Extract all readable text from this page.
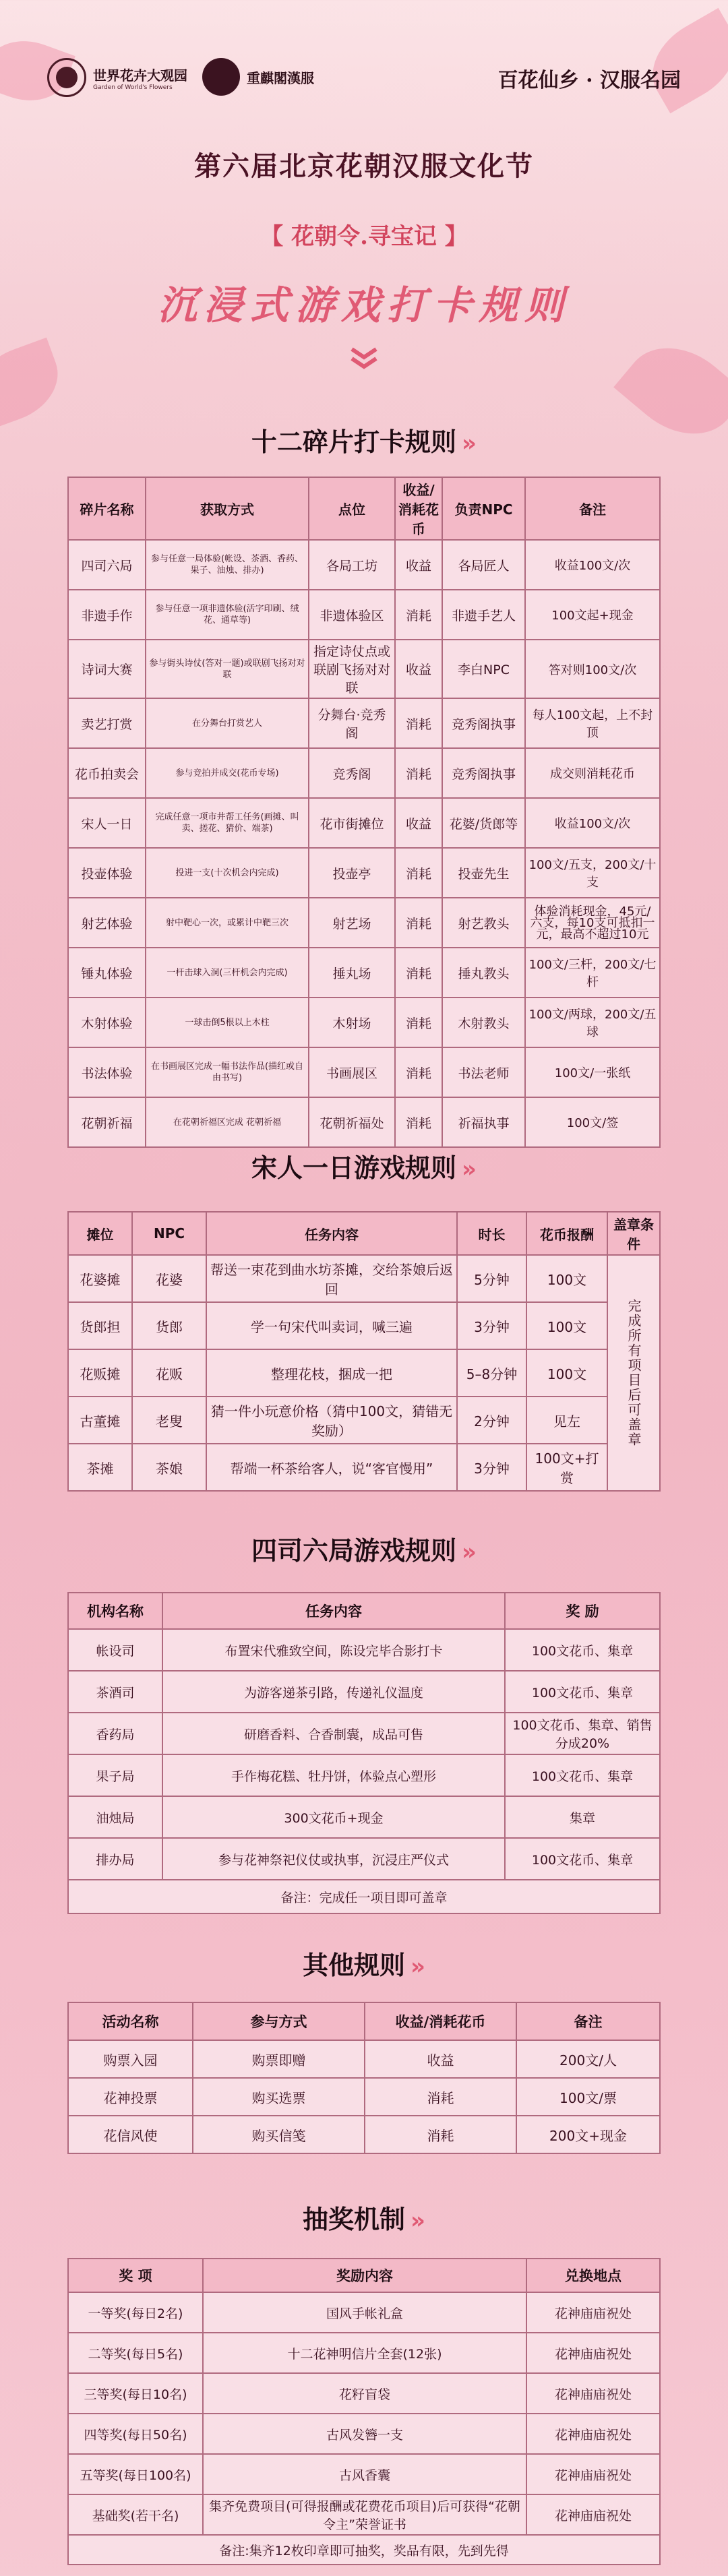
世界花卉大观园
Garden of World's Flowers
重麒閣漢服	百花仙乡 · 汉服名园
第六届北京花朝汉服文化节
【 花朝令.寻宝记 】
沉浸式游戏打卡规则
十二碎片打卡规则 »
碎片名称	获取方式	点位	收益/消耗花币	负责NPC	备注
四司六局	参与任意一局体验(帐设、茶酒、香药、果子、油烛、排办)	各局工坊	收益	各局匠人	收益100文/次
非遗手作	参与任意一项非遗体验(活字印刷、绒花、通草等)	非遗体验区	消耗	非遗手艺人	100文起+现金
诗词大赛	参与街头诗仗(答对一题)或联剧飞扬对对联	指定诗仗点或联剧飞扬对对联	收益	李白NPC	答对则100文/次
卖艺打赏	在分舞台打赏艺人	分舞台·竞秀阁	消耗	竞秀阁执事	每人100文起，上不封顶
花币拍卖会	参与竞拍并成交(花币专场)	竞秀阁	消耗	竞秀阁执事	成交则消耗花币
宋人一日	完成任意一项市井帮工任务(画摊、叫卖、搓花、猜价、端茶)	花市街摊位	收益	花婆/货郎等	收益100文/次
投壶体验	投进一支(十次机会内完成)	投壶亭	消耗	投壶先生	100文/五支，200文/十支
射艺体验	射中靶心一次，或累计中靶三次	射艺场	消耗	射艺教头	体验消耗现金，45元/六支，每10支可抵扣一元，最高不超过10元
锤丸体验	一杆击球入洞(三杆机会内完成)	捶丸场	消耗	捶丸教头	100文/三杆，200文/七杆
木射体验	一球击倒5根以上木柱	木射场	消耗	木射教头	100文/两球，200文/五球
书法体验	在书画展区完成一幅书法作品(描红或自由书写)	书画展区	消耗	书法老师	100文/一张纸
花朝祈福	在花朝祈福区完成 花朝祈福	花朝祈福处	消耗	祈福执事	100文/签
宋人一日游戏规则 »
摊位	NPC	任务内容	时长	花币报酬	盖章条件
花婆摊	花婆	帮送一束花到曲水坊茶摊，交给茶娘后返回	5分钟	100文	完成所有项目后可盖章
货郎担	货郎	学一句宋代叫卖词，喊三遍	3分钟	100文	
花贩摊	花贩	整理花枝，捆成一把	5–8分钟	100文	
古董摊	老叟	猜一件小玩意价格（猜中100文，猜错无奖励）	2分钟	见左	
茶摊	茶娘	帮端一杯茶给客人，说“客官慢用”	3分钟	100文+打赏	
四司六局游戏规则 »
机构名称	任务内容	奖 励
帐设司	布置宋代雅致空间，陈设完毕合影打卡	100文花币、集章
茶酒司	为游客递茶引路，传递礼仪温度	100文花币、集章
香药局	研磨香料、合香制囊，成品可售	100文花币、集章、销售分成20%
果子局	手作梅花糕、牡丹饼，体验点心塑形	100文花币、集章
油烛局	300文花币+现金	集章
排办局	参与花神祭祀仪仗或执事，沉浸庄严仪式	100文花币、集章
备注：完成任一项目即可盖章		
其他规则 »
活动名称	参与方式	收益/消耗花币	备注
购票入园	购票即赠	收益	200文/人
花神投票	购买选票	消耗	100文/票
花信风使	购买信笺	消耗	200文+现金
抽奖机制 »
奖 项	奖励内容	兑换地点
一等奖(每日2名)	国风手帐礼盒	花神庙庙祝处
二等奖(每日5名)	十二花神明信片全套(12张)	花神庙庙祝处
三等奖(每日10名)	花籽盲袋	花神庙庙祝处
四等奖(每日50名)	古风发簪一支	花神庙庙祝处
五等奖(每日100名)	古风香囊	花神庙庙祝处
基础奖(若干名)	集齐免费项目(可得报酬或花费花币项目)后可获得“花朝令主”荣誉证书	花神庙庙祝处
备注:集齐12枚印章即可抽奖，奖品有限，先到先得		
